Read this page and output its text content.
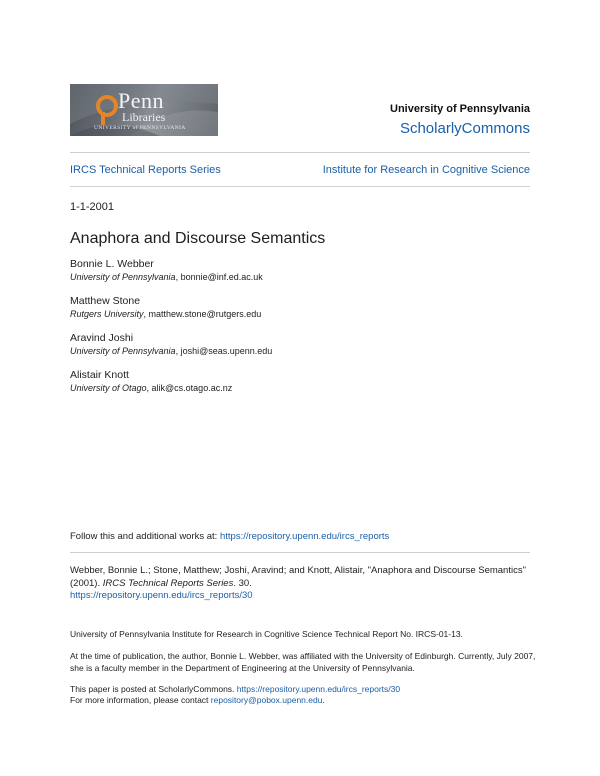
Penn
Libraries
UNIVERSITY of PENNSYLVANIA
University of Pennsylvania
ScholarlyCommons
IRCS Technical Reports Series	Institute for Research in Cognitive Science
1-1-2001
Anaphora and Discourse Semantics
Bonnie L. Webber
University of Pennsylvania, bonnie@inf.ed.ac.uk
Matthew Stone
Rutgers University, matthew.stone@rutgers.edu
Aravind Joshi
University of Pennsylvania, joshi@seas.upenn.edu
Alistair Knott
University of Otago, alik@cs.otago.ac.nz
Follow this and additional works at: https://repository.upenn.edu/ircs_reports
Webber, Bonnie L.; Stone, Matthew; Joshi, Aravind; and Knott, Alistair, "Anaphora and Discourse Semantics" (2001). IRCS Technical Reports Series. 30.
https://repository.upenn.edu/ircs_reports/30
University of Pennsylvania Institute for Research in Cognitive Science Technical Report No. IRCS-01-13.
At the time of publication, the author, Bonnie L. Webber, was affiliated with the University of Edinburgh. Currently, July 2007, she is a faculty member in the Department of Engineering at the University of Pennsylvania.
This paper is posted at ScholarlyCommons. https://repository.upenn.edu/ircs_reports/30
For more information, please contact repository@pobox.upenn.edu.
